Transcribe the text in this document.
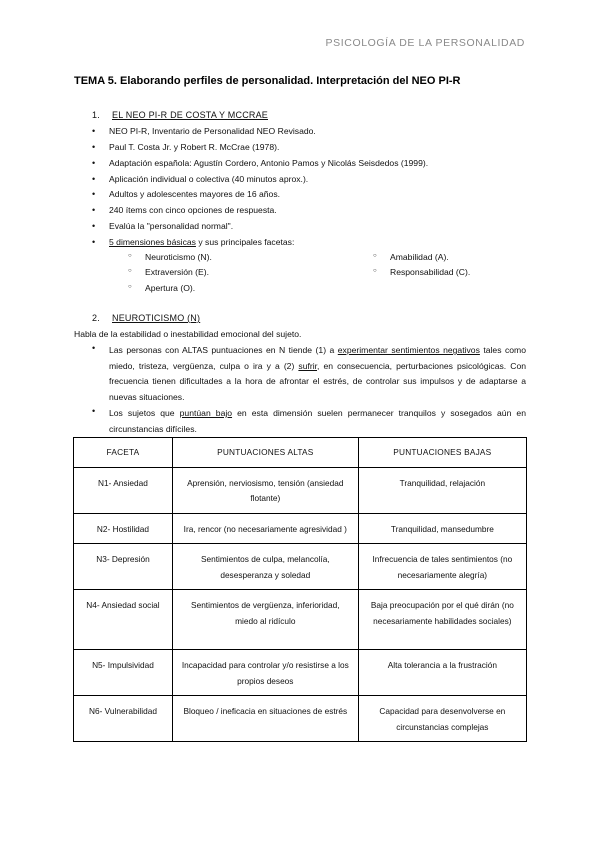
PSICOLOGÍA DE LA PERSONALIDAD
TEMA 5. Elaborando perfiles de personalidad. Interpretación del NEO PI-R
1. EL NEO PI-R DE COSTA Y MCCRAE
NEO PI-R, Inventario de Personalidad NEO Revisado.
Paul T. Costa Jr. y Robert R. McCrae (1978).
Adaptación española: Agustín Cordero, Antonio Pamos y Nicolás Seisdedos (1999).
Aplicación individual o colectiva (40 minutos aprox.).
Adultos y adolescentes mayores de 16 años.
240 ítems con cinco opciones de respuesta.
Evalúa la "personalidad normal".
5 dimensiones básicas y sus principales facetas:
○ Neuroticismo (N).
○ Extraversión (E).
○ Apertura (O).
○ Amabilidad (A).
○ Responsabilidad (C).
2. NEUROTICISMO (N)
Habla de la estabilidad o inestabilidad emocional del sujeto.
• Las personas con ALTAS puntuaciones en N tiende (1) a experimentar sentimientos negativos tales como miedo, tristeza, vergüenza, culpa o ira y a (2) sufrir, en consecuencia, perturbaciones psicológicas. Con frecuencia tienen dificultades a la hora de afrontar el estrés, de controlar sus impulsos y de adaptarse a nuevas situaciones.
• Los sujetos que puntúan bajo en esta dimensión suelen permanecer tranquilos y sosegados aún en circunstancias difíciles.
FACETA	PUNTUACIONES ALTAS	PUNTUACIONES BAJAS
N1- Ansiedad	Aprensión, nerviosismo, tensión (ansiedad flotante)	Tranquilidad, relajación
N2- Hostilidad	Ira, rencor (no necesariamente agresividad )	Tranquilidad, mansedumbre
N3- Depresión	Sentimientos de culpa, melancolía, desesperanza y soledad	Infrecuencia de tales sentimientos (no necesariamente alegría)
N4- Ansiedad social	Sentimientos de vergüenza, inferioridad, miedo al ridículo	Baja preocupación por el qué dirán (no necesariamente habilidades sociales)
N5- Impulsividad	Incapacidad para controlar y/o resistirse a los propios deseos	Alta tolerancia a la frustración
N6- Vulnerabilidad	Bloqueo / ineficacia en situaciones de estrés	Capacidad para desenvolverse en circunstancias complejas
